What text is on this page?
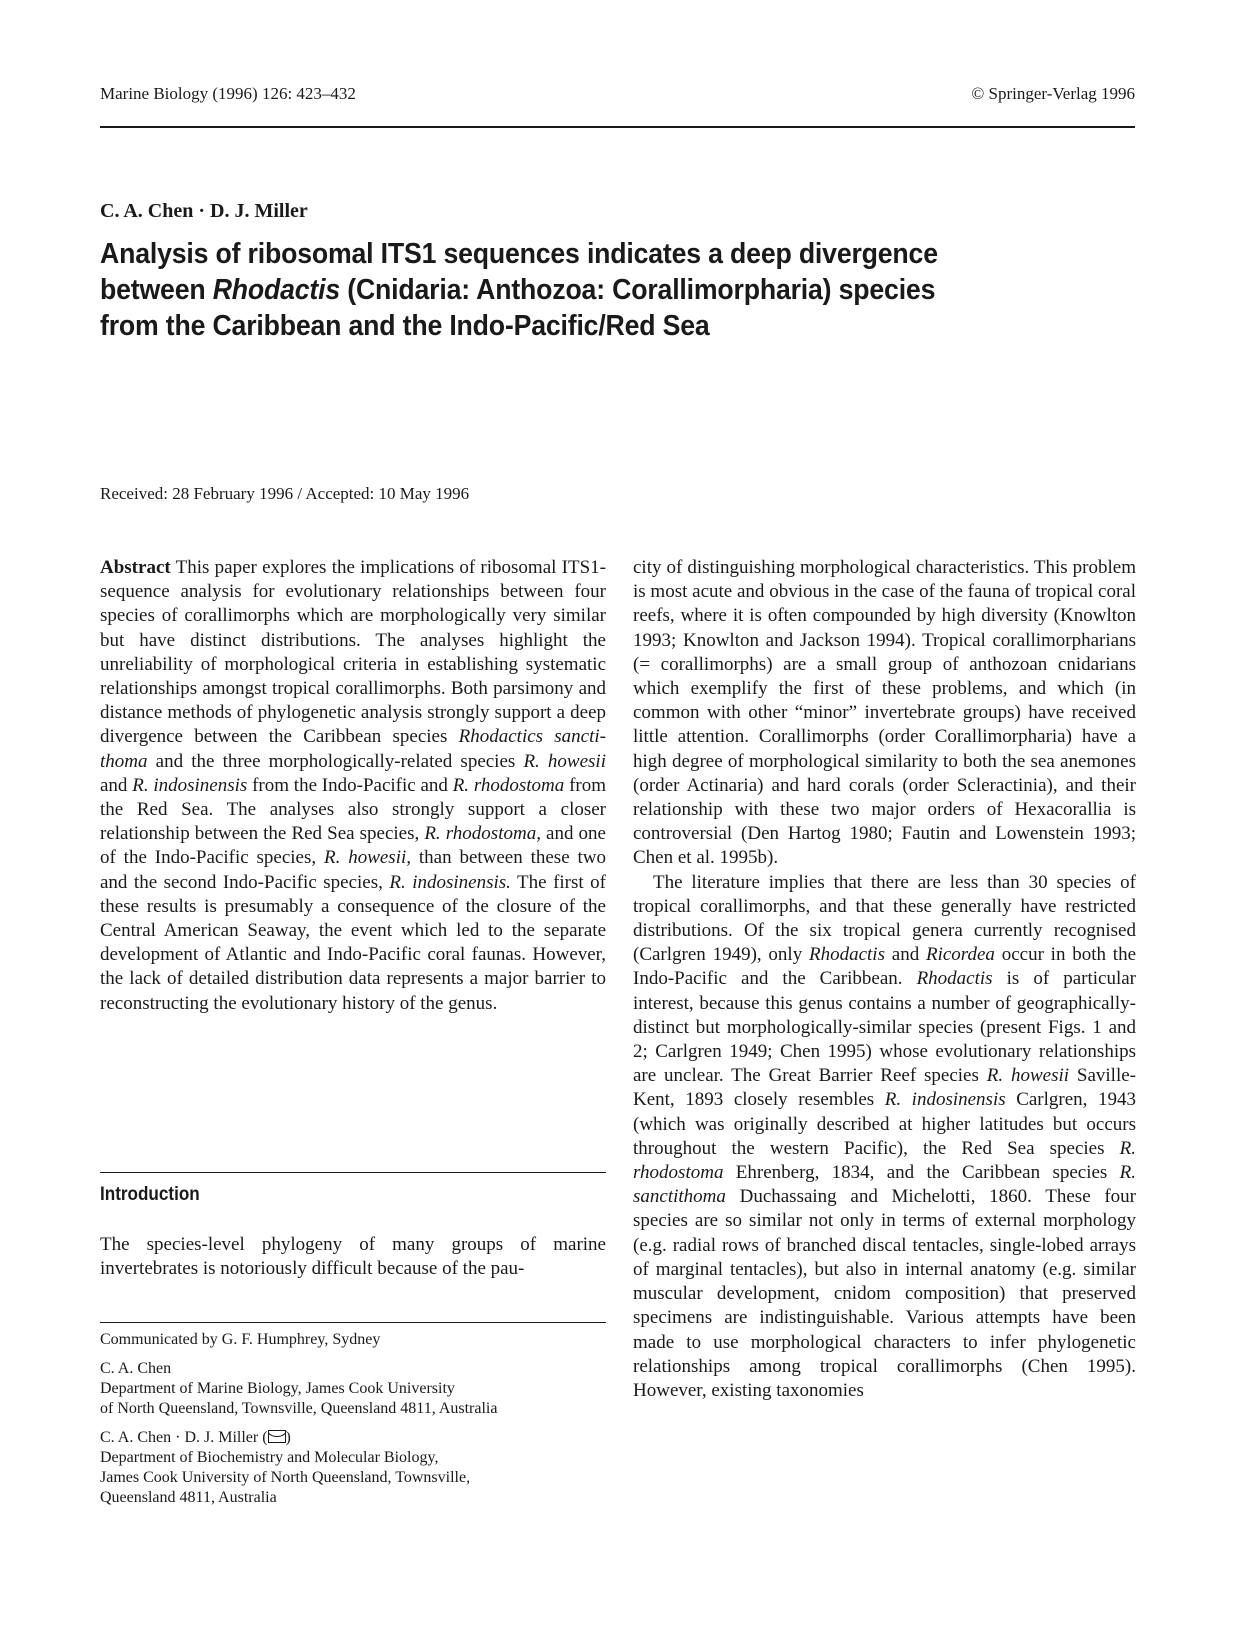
Marine Biology (1996) 126: 423–432	© Springer-Verlag 1996
C. A. Chen · D. J. Miller
Analysis of ribosomal ITS1 sequences indicates a deep divergence
between Rhodactis (Cnidaria: Anthozoa: Corallimorpharia) species
from the Caribbean and the Indo-Pacific/Red Sea
Received: 28 February 1996 / Accepted: 10 May 1996

Abstract This paper explores the implications of ribosomal ITS1-sequence analysis for evolutionary relationships between four species of corallimorphs which are morphologically very similar but have distinct distributions. The analyses highlight the unreliability of morphological criteria in establishing systematic relationships amongst tropical corallimorphs. Both parsimony and distance methods of phylogenetic analysis strongly support a deep divergence between the Caribbean species Rhodactics sancti-thoma and the three morphologically-related species R. howesii and R. indosinensis from the Indo-Pacific and R. rhodostoma from the Red Sea. The analyses also strongly support a closer relationship between the Red Sea species, R. rhodostoma, and one of the Indo-Pacific species, R. howesii, than between these two and the second Indo-Pacific species, R. indosinensis. The first of these results is presumably a consequence of the closure of the Central American Seaway, the event which led to the separate development of Atlantic and Indo-Pacific coral faunas. However, the lack of detailed distribution data represents a major barrier to reconstructing the evolutionary history of the genus.

Introduction

The species-level phylogeny of many groups of marine invertebrates is notoriously difficult because of the pau-

Communicated by G. F. Humphrey, Sydney
C. A. Chen
Department of Marine Biology, James Cook University
of North Queensland, Townsville, Queensland 4811, Australia
C. A. Chen · D. J. Miller ( )
Department of Biochemistry and Molecular Biology,
James Cook University of North Queensland, Townsville,
Queensland 4811, Australia

city of distinguishing morphological characteristics. This problem is most acute and obvious in the case of the fauna of tropical coral reefs, where it is often compounded by high diversity (Knowlton 1993; Knowlton and Jackson 1994). Tropical corallimorpharians (= corallimorphs) are a small group of anthozoan cnidarians which exemplify the first of these problems, and which (in common with other “minor” invertebrate groups) have received little attention. Corallimorphs (order Corallimorpharia) have a high degree of morphological similarity to both the sea anemones (order Actinaria) and hard corals (order Scleractinia), and their relationship with these two major orders of Hexacorallia is controversial (Den Hartog 1980; Fautin and Lowenstein 1993; Chen et al. 1995b).

The literature implies that there are less than 30 species of tropical corallimorphs, and that these generally have restricted distributions. Of the six tropical genera currently recognised (Carlgren 1949), only Rhodactis and Ricordea occur in both the Indo-Pacific and the Caribbean. Rhodactis is of particular interest, because this genus contains a number of geographically-distinct but morphologically-similar species (present Figs. 1 and 2; Carlgren 1949; Chen 1995) whose evolutionary relationships are unclear. The Great Barrier Reef species R. howesii Saville-Kent, 1893 closely resembles R. indosinensis Carlgren, 1943 (which was originally described at higher latitudes but occurs throughout the western Pacific), the Red Sea species R. rhodostoma Ehrenberg, 1834, and the Caribbean species R. sanctithoma Duchassaing and Michelotti, 1860. These four species are so similar not only in terms of external morphology (e.g. radial rows of branched discal tentacles, single-lobed arrays of marginal tentacles), but also in internal anatomy (e.g. similar muscular development, cnidom composition) that preserved specimens are indistinguishable. Various attempts have been made to use morphological characters to infer phylogenetic relationships among tropical corallimorphs (Chen 1995). However, existing taxonomies
